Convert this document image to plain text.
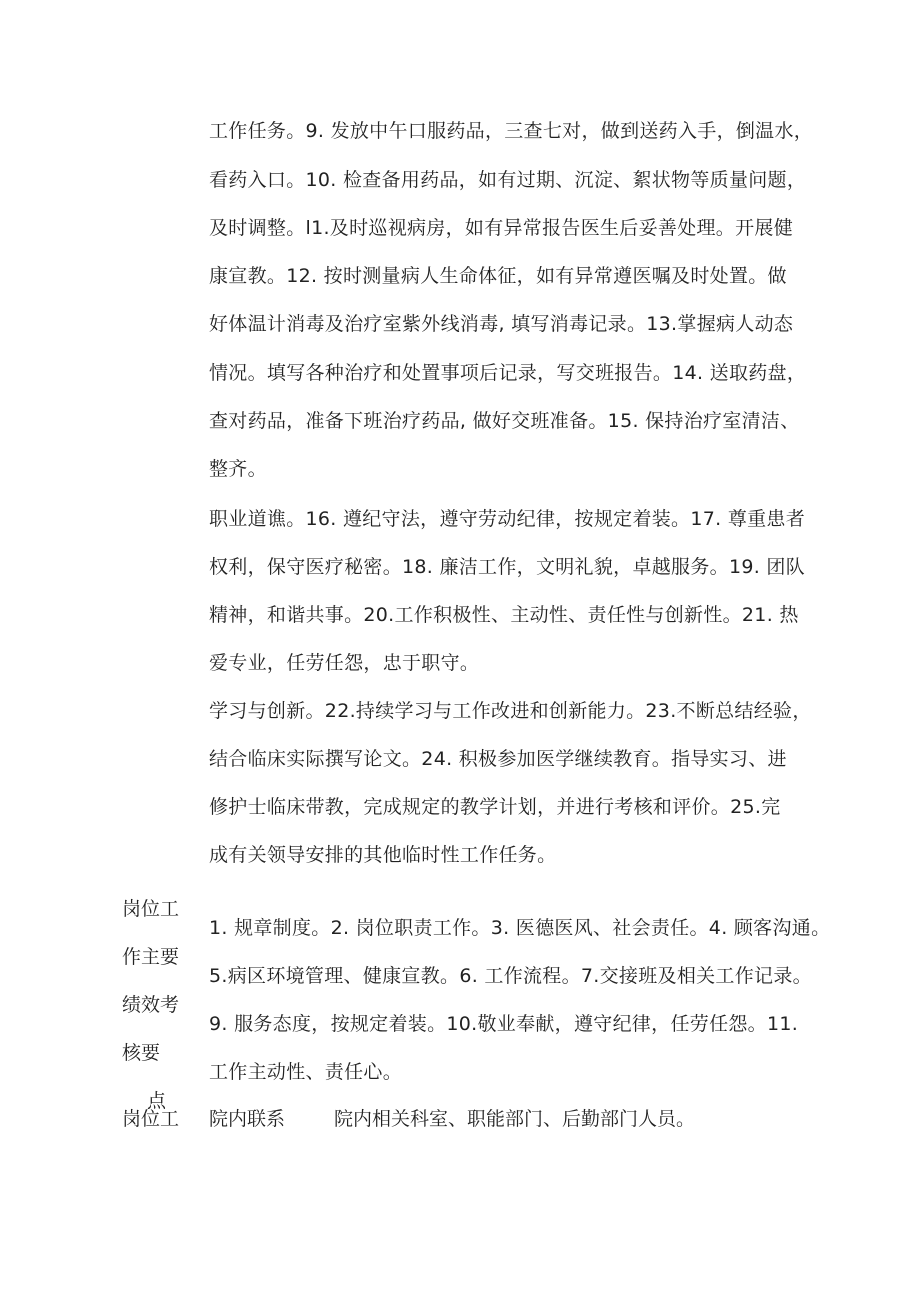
工作任务。9. 发放中午口服药品，三查七对，做到送药入手，倒温水，
看药入口。10. 检查备用药品，如有过期、沉淀、絮状物等质量问题，
及时调整。l1.及时巡视病房，如有异常报告医生后妥善处理。开展健
康宣教。12. 按时测量病人生命体征，如有异常遵医嘱及时处置。做
好体温计消毒及治疗室紫外线消毒, 填写消毒记录。13.掌握病人动态
情况。填写各种治疗和处置事项后记录，写交班报告。14. 送取药盘，
查对药品，准备下班治疗药品, 做好交班准备。15. 保持治疗室清洁、
整齐。
职业道谯。16. 遵纪守法，遵守劳动纪律，按规定着装。17. 尊重患者
权利，保守医疗秘密。18. 廉洁工作，文明礼貌，卓越服务。19. 团队
精神，和谐共事。20.工作积极性、主动性、责任性与创新性。21. 热
爱专业，任劳任怨，忠于职守。
学习与创新。22.持续学习与工作改进和创新能力。23.不断总结经验，
结合临床实际撰写论文。24. 积极参加医学继续教育。指导实习、进
修护士临床带教，完成规定的教学计划，并进行考核和评价。25.完
成有关领导安排的其他临时性工作任务。
岗位工
作主要
绩效考
核要
点
1. 规章制度。2. 岗位职责工作。3. 医德医风、社会责任。4. 顾客沟通。
5.病区环境管理、健康宣教。6. 工作流程。7.交接班及相关工作记录。
9. 服务态度，按规定着装。10.敬业奉献，遵守纪律，任劳任怨。11.
工作主动性、责任心。
岗位工 院内联系	院内相关科室、职能部门、后勤部门人员。
